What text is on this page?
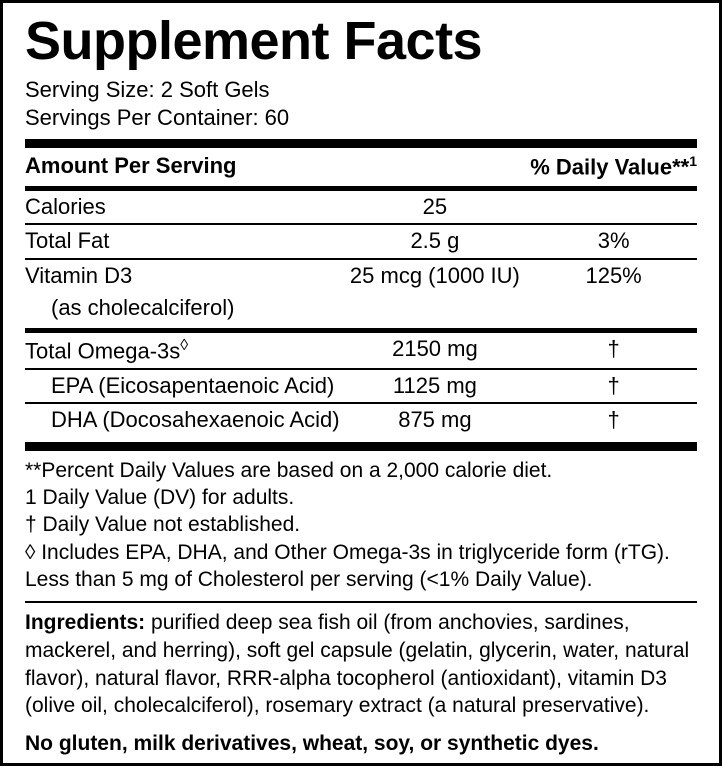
Supplement Facts
Serving Size: 2 Soft Gels
Servings Per Container: 60
Amount Per Serving		% Daily Value**$^1$

Calories	25	

Total Fat	2.5 g	3%

Vitamin D3	25 mcg (1000 IU)	125%
(as cholecalciferol)		

Total Omega-3s◊	2150 mg	†

EPA (Eicosapentaenoic Acid)	1125 mg	†

DHA (Docosahexaenoic Acid)	875 mg	†
**Percent Daily Values are based on a 2,000 calorie diet.
1 Daily Value (DV) for adults.
† Daily Value not established.
◊ Includes EPA, DHA, and Other Omega-3s in triglyceride form (rTG).
Less than 5 mg of Cholesterol per serving (<1% Daily Value).
Ingredients: purified deep sea fish oil (from anchovies, sardines, mackerel, and herring), soft gel capsule (gelatin, glycerin, water, natural flavor), natural flavor, RRR-alpha tocopherol (antioxidant), vitamin D3 (olive oil, cholecalciferol), rosemary extract (a natural preservative).
No gluten, milk derivatives, wheat, soy, or synthetic dyes.
